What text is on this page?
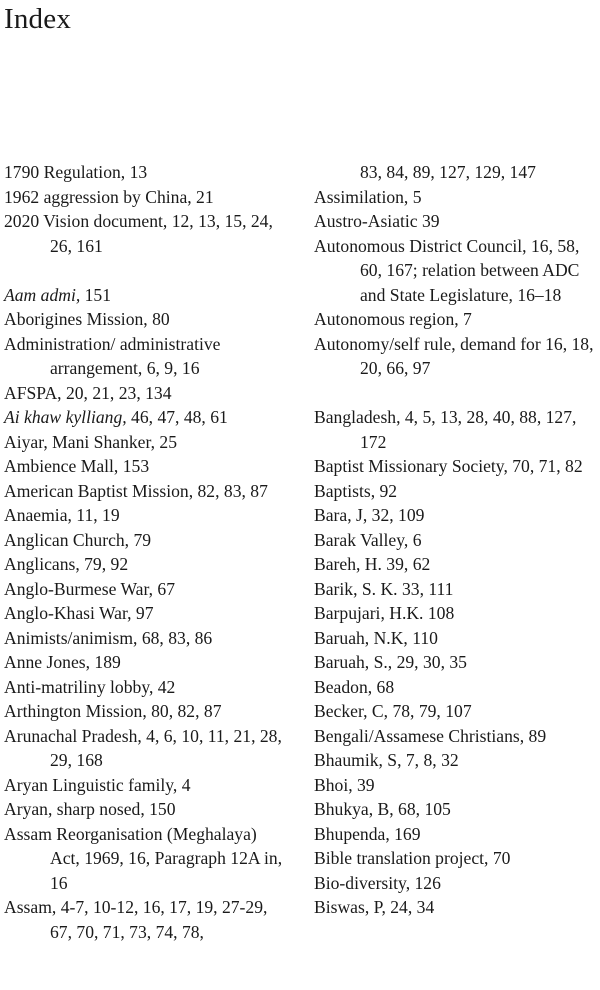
Index
1790 Regulation, 13
1962 aggression by China, 21
2020 Vision document, 12, 13, 15, 24, 26, 161
Aam admi, 151
Aborigines Mission, 80
Administration/ administrative arrangement, 6, 9, 16
AFSPA, 20, 21, 23, 134
Ai khaw kylliang, 46, 47, 48, 61
Aiyar, Mani Shanker, 25
Ambience Mall, 153
American Baptist Mission, 82, 83, 87
Anaemia, 11, 19
Anglican Church, 79
Anglicans, 79, 92
Anglo-Burmese War, 67
Anglo-Khasi War, 97
Animists/animism, 68, 83, 86
Anne Jones, 189
Anti-matriliny lobby, 42
Arthington Mission, 80, 82, 87
Arunachal Pradesh, 4, 6, 10, 11, 21, 28, 29, 168
Aryan Linguistic family, 4
Aryan, sharp nosed, 150
Assam Reorganisation (Meghalaya) Act, 1969, 16, Paragraph 12A in, 16
Assam, 4-7, 10-12, 16, 17, 19, 27-29, 67, 70, 71, 73, 74, 78,
83, 84, 89, 127, 129, 147
Assimilation, 5
Austro-Asiatic 39
Autonomous District Council, 16, 58, 60, 167; relation between ADC and State Legislature, 16–18
Autonomous region, 7
Autonomy/self rule, demand for 16, 18, 20, 66, 97
Bangladesh, 4, 5, 13, 28, 40, 88, 127, 172
Baptist Missionary Society, 70, 71, 82
Baptists, 92
Bara, J, 32, 109
Barak Valley, 6
Bareh, H. 39, 62
Barik, S. K. 33, 111
Barpujari, H.K. 108
Baruah, N.K, 110
Baruah, S., 29, 30, 35
Beadon, 68
Becker, C, 78, 79, 107
Bengali/Assamese Christians, 89
Bhaumik, S, 7, 8, 32
Bhoi, 39
Bhukya, B, 68, 105
Bhupenda, 169
Bible translation project, 70
Bio-diversity, 126
Biswas, P, 24, 34
